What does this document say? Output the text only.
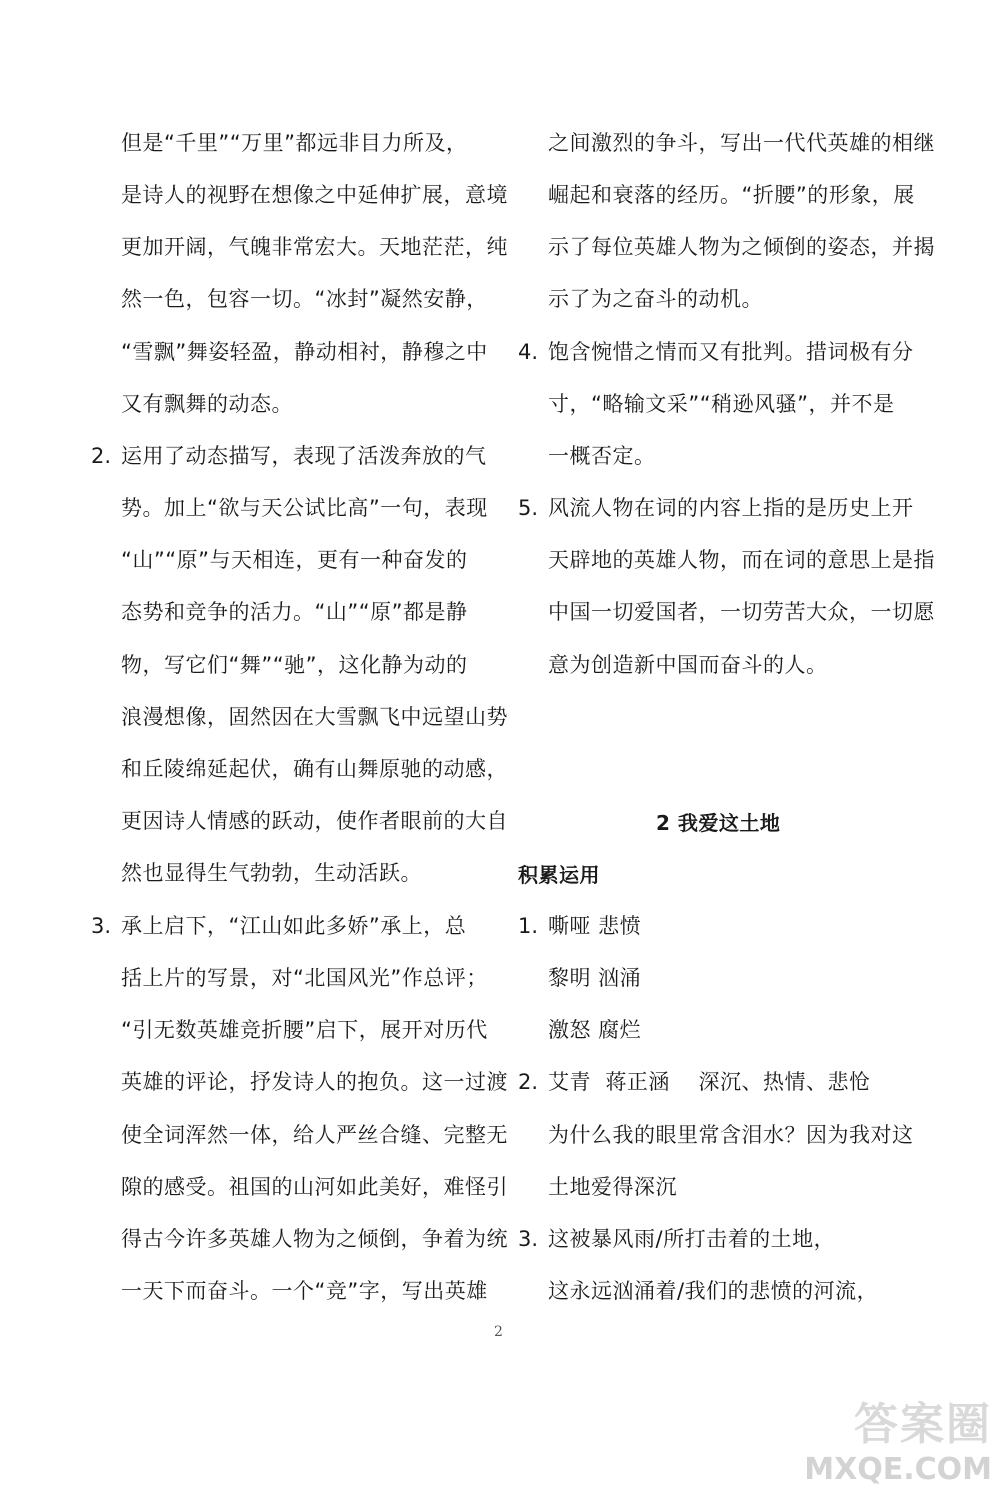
但是“千里”“万里”都远非目力所及，
是诗人的视野在想像之中延伸扩展，意境
更加开阔，气魄非常宏大。天地茫茫，纯
然一色，包容一切。“冰封”凝然安静，
“雪飘”舞姿轻盈，静动相衬，静穆之中
又有飘舞的动态。
2. 运用了动态描写，表现了活泼奔放的气
势。加上“欲与天公试比高”一句，表现
“山”“原”与天相连，更有一种奋发的
态势和竞争的活力。“山”“原”都是静
物，写它们“舞”“驰”，这化静为动的
浪漫想像，固然因在大雪飘飞中远望山势
和丘陵绵延起伏，确有山舞原驰的动感，
更因诗人情感的跃动，使作者眼前的大自
然也显得生气勃勃，生动活跃。
3. 承上启下，“江山如此多娇”承上，总
括上片的写景，对“北国风光”作总评；
“引无数英雄竞折腰”启下，展开对历代
英雄的评论，抒发诗人的抱负。这一过渡
使全词浑然一体，给人严丝合缝、完整无
隙的感受。祖国的山河如此美好，难怪引
得古今许多英雄人物为之倾倒，争着为统
一天下而奋斗。一个“竞”字，写出英雄
之间激烈的争斗，写出一代代英雄的相继
崛起和衰落的经历。“折腰”的形象，展
示了每位英雄人物为之倾倒的姿态，并揭
示了为之奋斗的动机。
4. 饱含惋惜之情而又有批判。措词极有分
寸，“略输文采”“稍逊风骚”，并不是
一概否定。
5. 风流人物在词的内容上指的是历史上开
天辟地的英雄人物，而在词的意思上是指
中国一切爱国者，一切劳苦大众，一切愿
意为创造新中国而奋斗的人。
2 我爱这土地
积累运用
1. 嘶哑 悲愤
黎明 汹涌
激怒 腐烂
2. 艾青  蒋正涵    深沉、热情、悲怆
为什么我的眼里常含泪水？因为我对这
土地爱得深沉
3. 这被暴风雨/所打击着的土地，
这永远汹涌着/我们的悲愤的河流，
2
答案圈
MXQE.COM
